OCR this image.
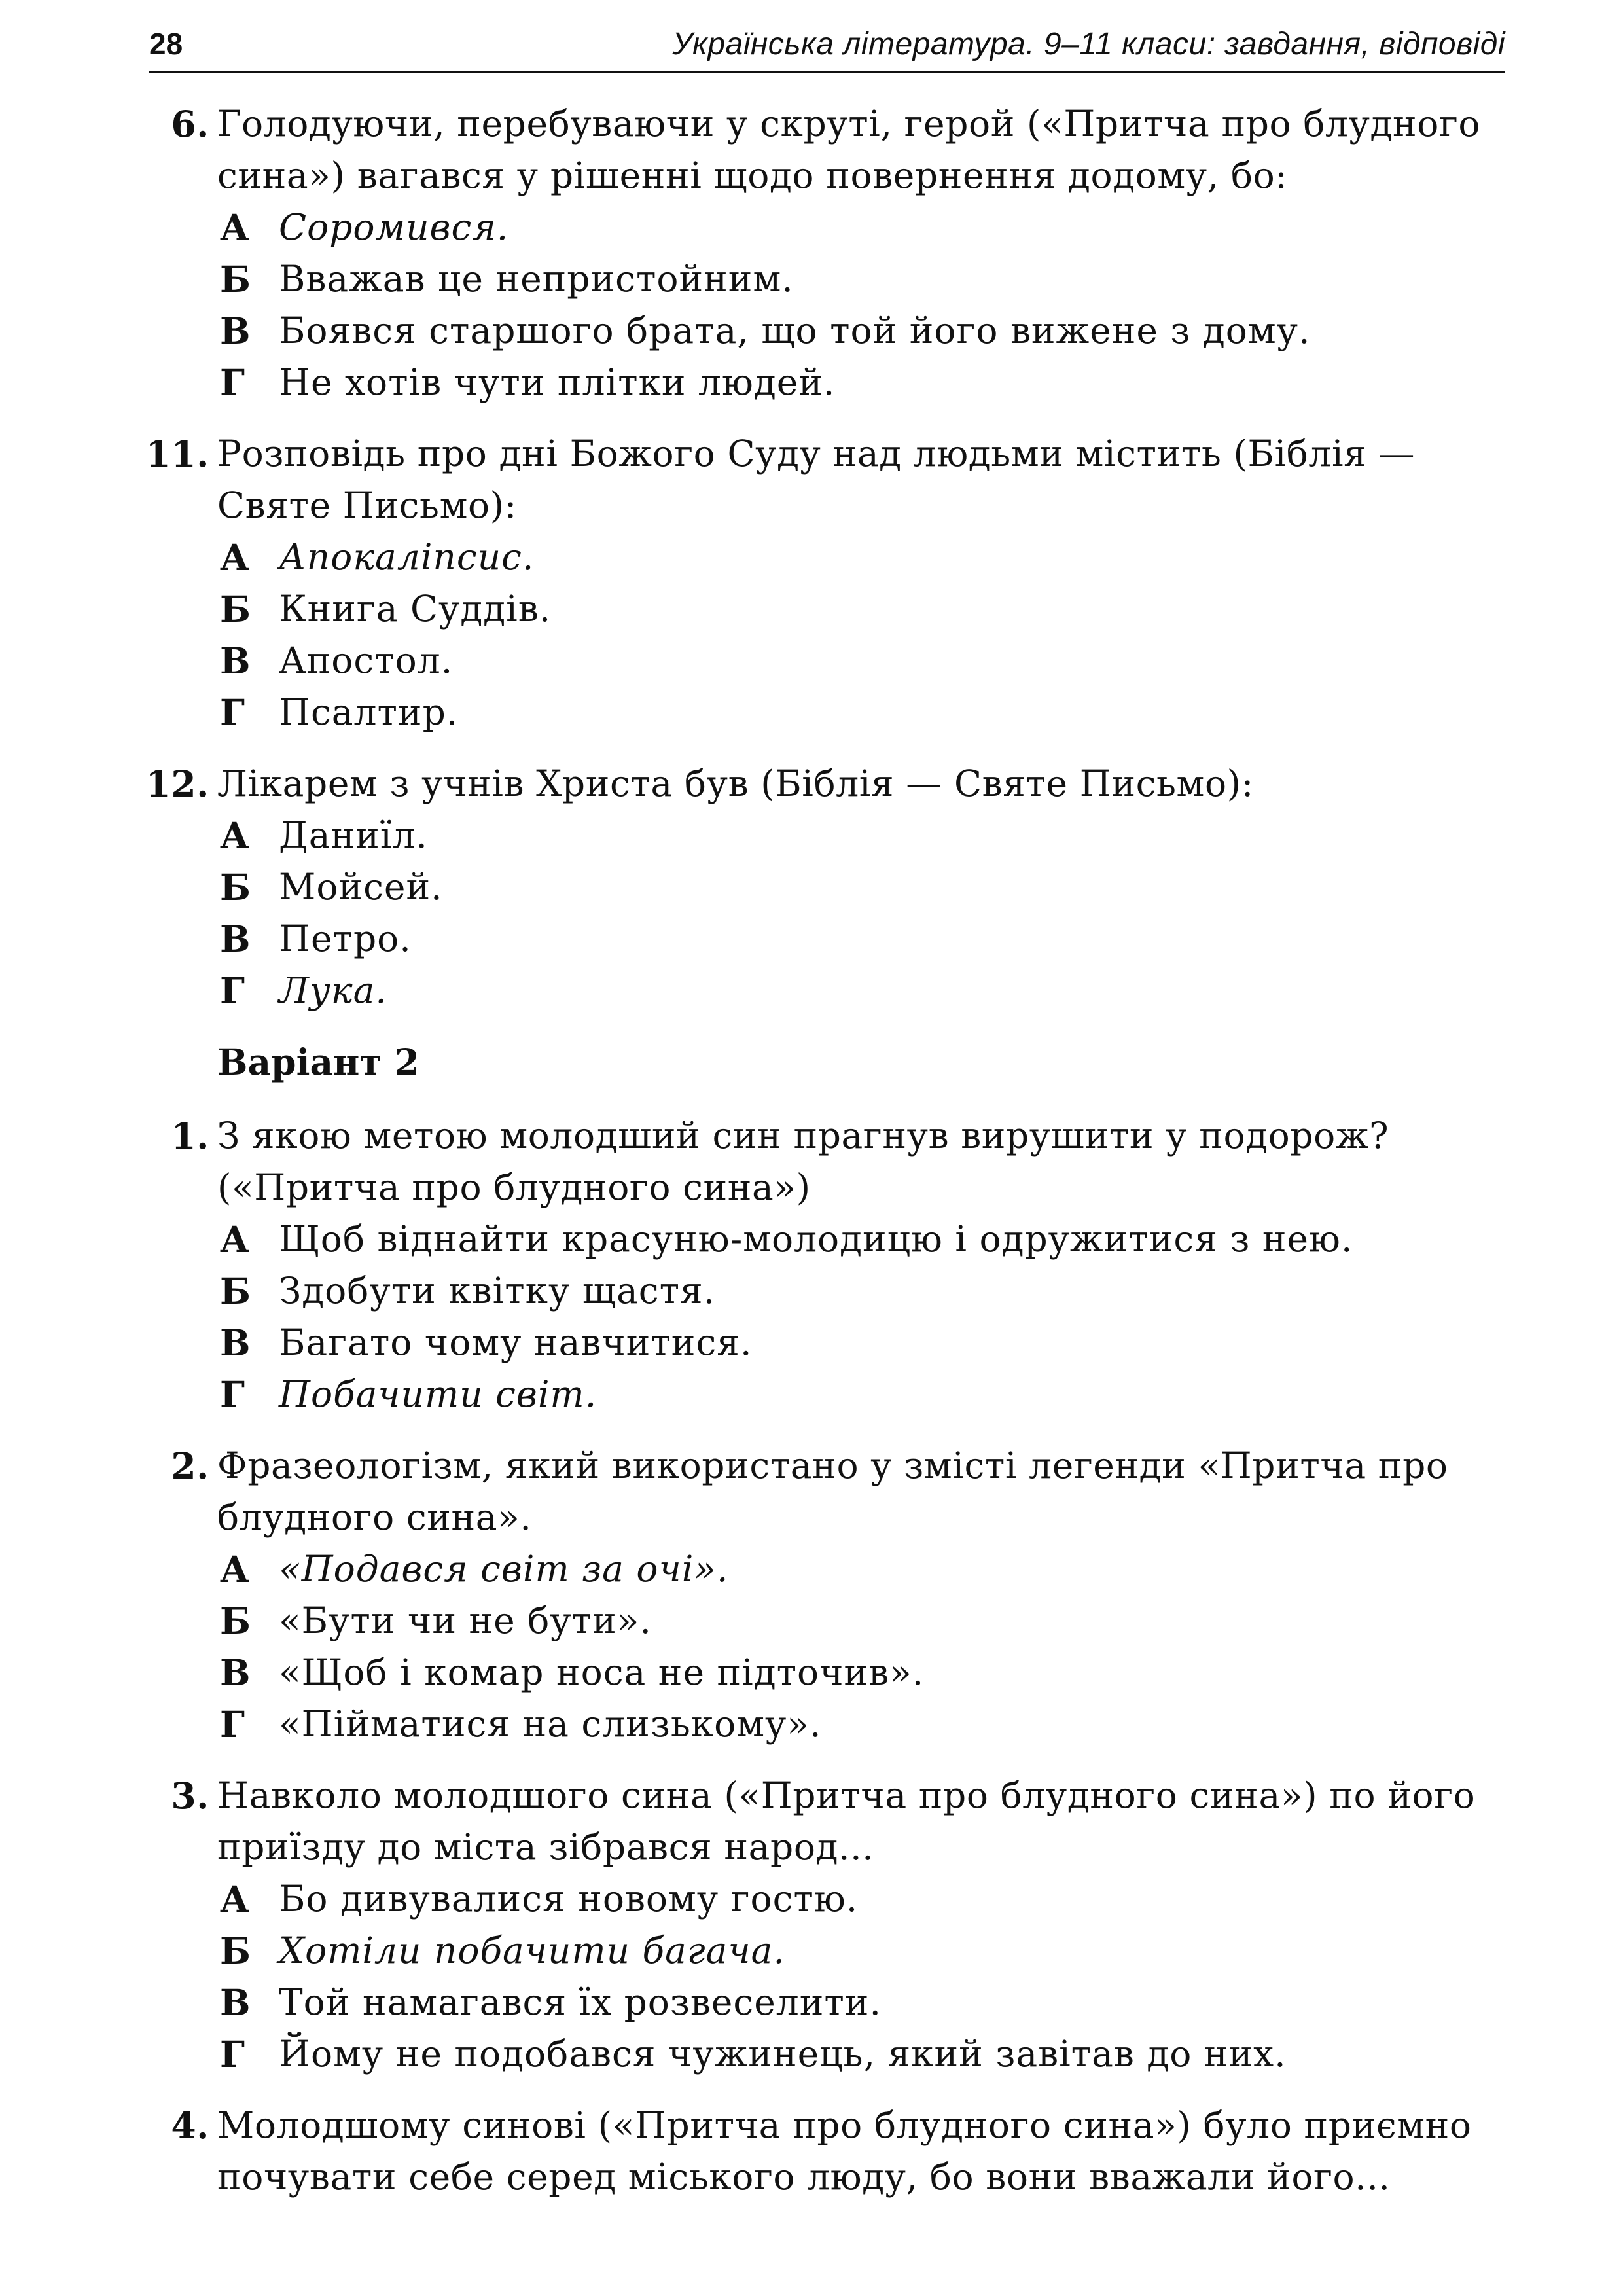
28	Українська література. 9–11 класи: завдання, відповіді
6. Голодуючи, перебуваючи у скруті, герой («Притча про блудного сина») вагався у рішенні щодо повернення додому, бо:
А Соромився.
Б Вважав це непристойним.
В Боявся старшого брата, що той його вижене з дому.
Г Не хотів чути плітки людей.
11. Розповідь про дні Божого Суду над людьми містить (Біблія — Святе Письмо):
А Апокаліпсис.
Б Книга Суддів.
В Апостол.
Г Псалтир.
12. Лікарем з учнів Христа був (Біблія — Святе Письмо):
А Даниїл.
Б Мойсей.
В Петро.
Г Лука.
Варіант 2
1. З якою метою молодший син прагнув вирушити у подорож? («Притча про блудного сина»)
А Щоб віднайти красуню-молодицю і одружитися з нею.
Б Здобути квітку щастя.
В Багато чому навчитися.
Г Побачити світ.
2. Фразеологізм, який використано у змісті легенди «Притча про блудного сина».
А «Подався світ за очі».
Б «Бути чи не бути».
В «Щоб і комар носа не підточив».
Г «Пійматися на слизькому».
3. Навколо молодшого сина («Притча про блудного сина») по його приїзду до міста зібрався народ...
А Бо дивувалися новому гостю.
Б Хотіли побачити багача.
В Той намагався їх розвеселити.
Г Йому не подобався чужинець, який завітав до них.
4. Молодшому синові («Притча про блудного сина») було приємно почувати себе серед міського люду, бо вони вважали його...
